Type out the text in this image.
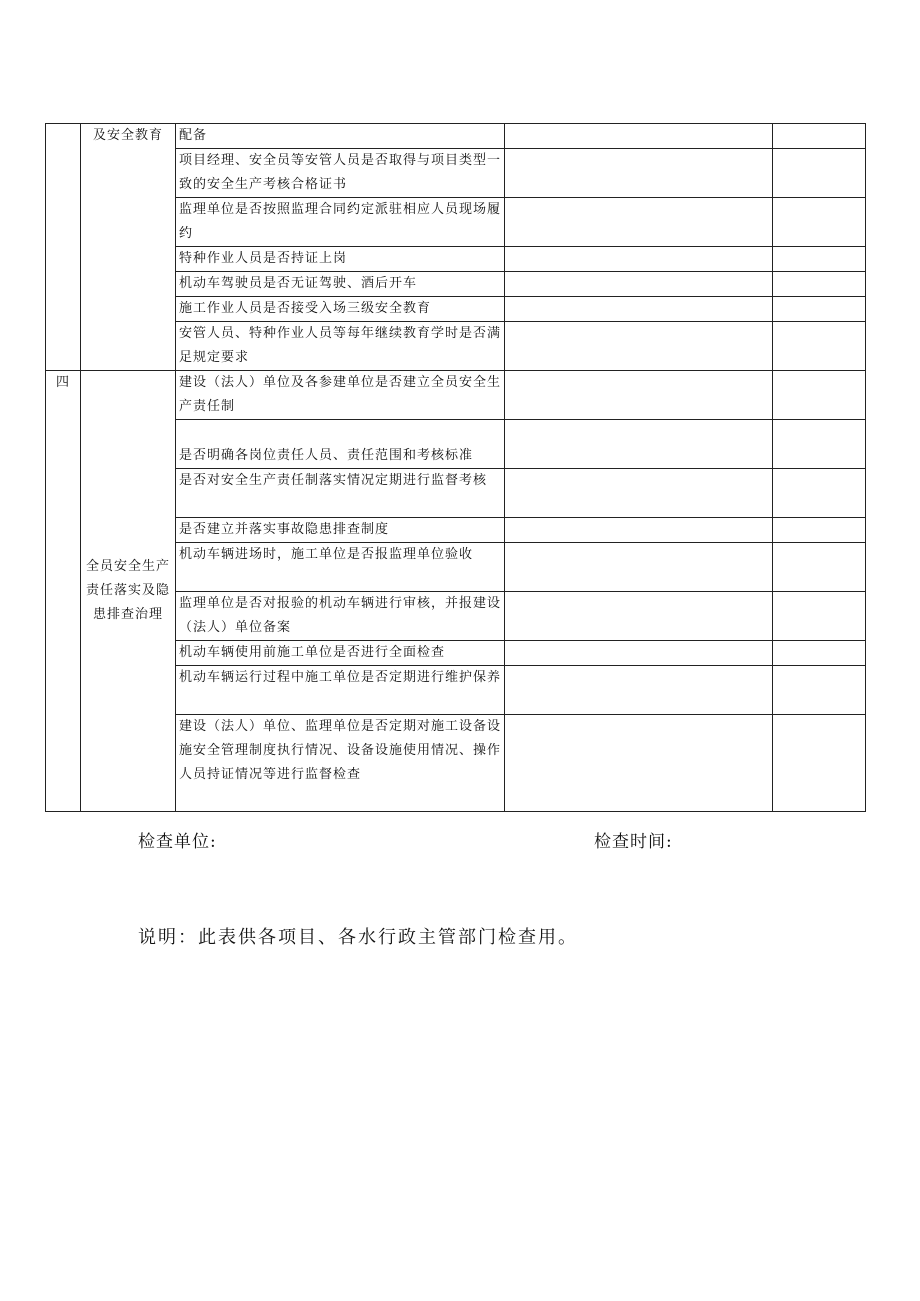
	及安全教育	配备		
		项目经理、安全员等安管人员是否取得与项目类型一致的安全生产考核合格证书		
		监理单位是否按照监理合同约定派驻相应人员现场履约		
		特种作业人员是否持证上岗		
		机动车驾驶员是否无证驾驶、酒后开车		
		施工作业人员是否接受入场三级安全教育		
		安管人员、特种作业人员等每年继续教育学时是否满足规定要求		
四	全员安全生产责任落实及隐患排查治理	建设（法人）单位及各参建单位是否建立全员安全生产责任制		
		是否明确各岗位责任人员、责任范围和考核标准		
		是否对安全生产责任制落实情况定期进行监督考核		
		是否建立并落实事故隐患排查制度		
		机动车辆进场时，施工单位是否报监理单位验收		
		监理单位是否对报验的机动车辆进行审核，并报建设（法人）单位备案		
		机动车辆使用前施工单位是否进行全面检查		
		机动车辆运行过程中施工单位是否定期进行维护保养		
		建设（法人）单位、监理单位是否定期对施工设备设施安全管理制度执行情况、设备设施使用情况、操作人员持证情况等进行监督检查		
检查单位:	检查时间:
说明：此表供各项目、各水行政主管部门检查用。
